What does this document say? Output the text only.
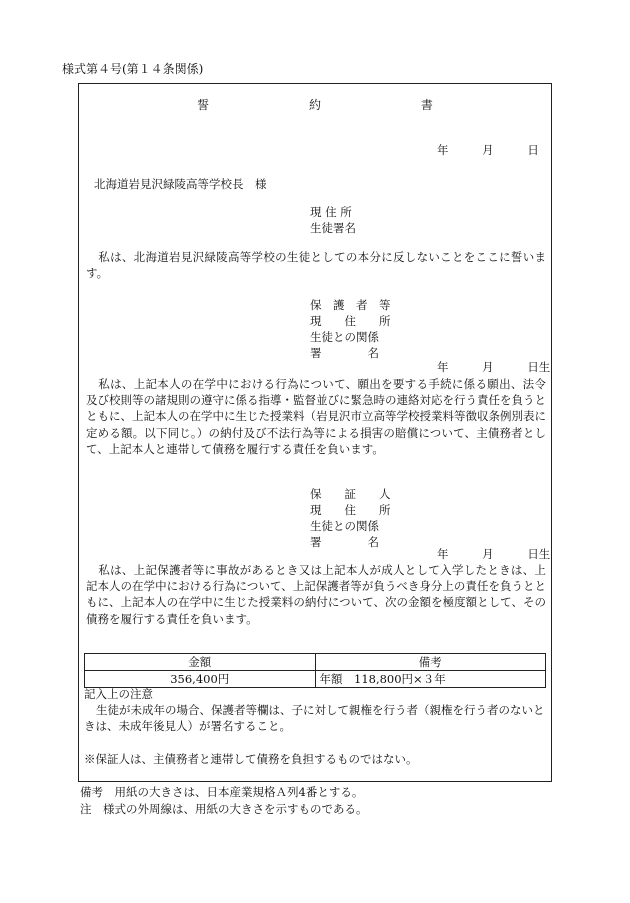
様式第４号(第１４条関係)
誓	約	書
年	月	日
北海道岩見沢緑陵高等学校長　様
現 住 所
生徒署名
私は、北海道岩見沢緑陵高等学校の生徒としての本分に反しないことをここに誓います。
保　護　者　等
現　　住　　所
生徒との関係
署　　　　名
年	月	日生
私は、上記本人の在学中における行為について、願出を要する手続に係る願出、法令及び校則等の諸規則の遵守に係る指導・監督並びに緊急時の連絡対応を行う責任を負うとともに、上記本人の在学中に生じた授業料（岩見沢市立高等学校授業料等徴収条例別表に定める額。以下同じ。）の納付及び不法行為等による損害の賠償について、主債務者として、上記本人と連帯して債務を履行する責任を負います。
保　　証　　人
現　　住　　所
生徒との関係
署　　　　名
年	月	日生
私は、上記保護者等に事故があるとき又は上記本人が成人として入学したときは、上記本人の在学中における行為について、上記保護者等が負うべき身分上の責任を負うとともに、上記本人の在学中に生じた授業料の納付について、次の金額を極度額として、その債務を履行する責任を負います。
金額	備考
356,400円	年額　118,800円×３年
記入上の注意
生徒が未成年の場合、保護者等欄は、子に対して親権を行う者（親権を行う者のないときは、未成年後見人）が署名すること。
※保証人は、主債務者と連帯して債務を負担するものではない。
備考　用紙の大きさは、日本産業規格Ａ列4番とする。
注　様式の外周線は、用紙の大きさを示すものである。
